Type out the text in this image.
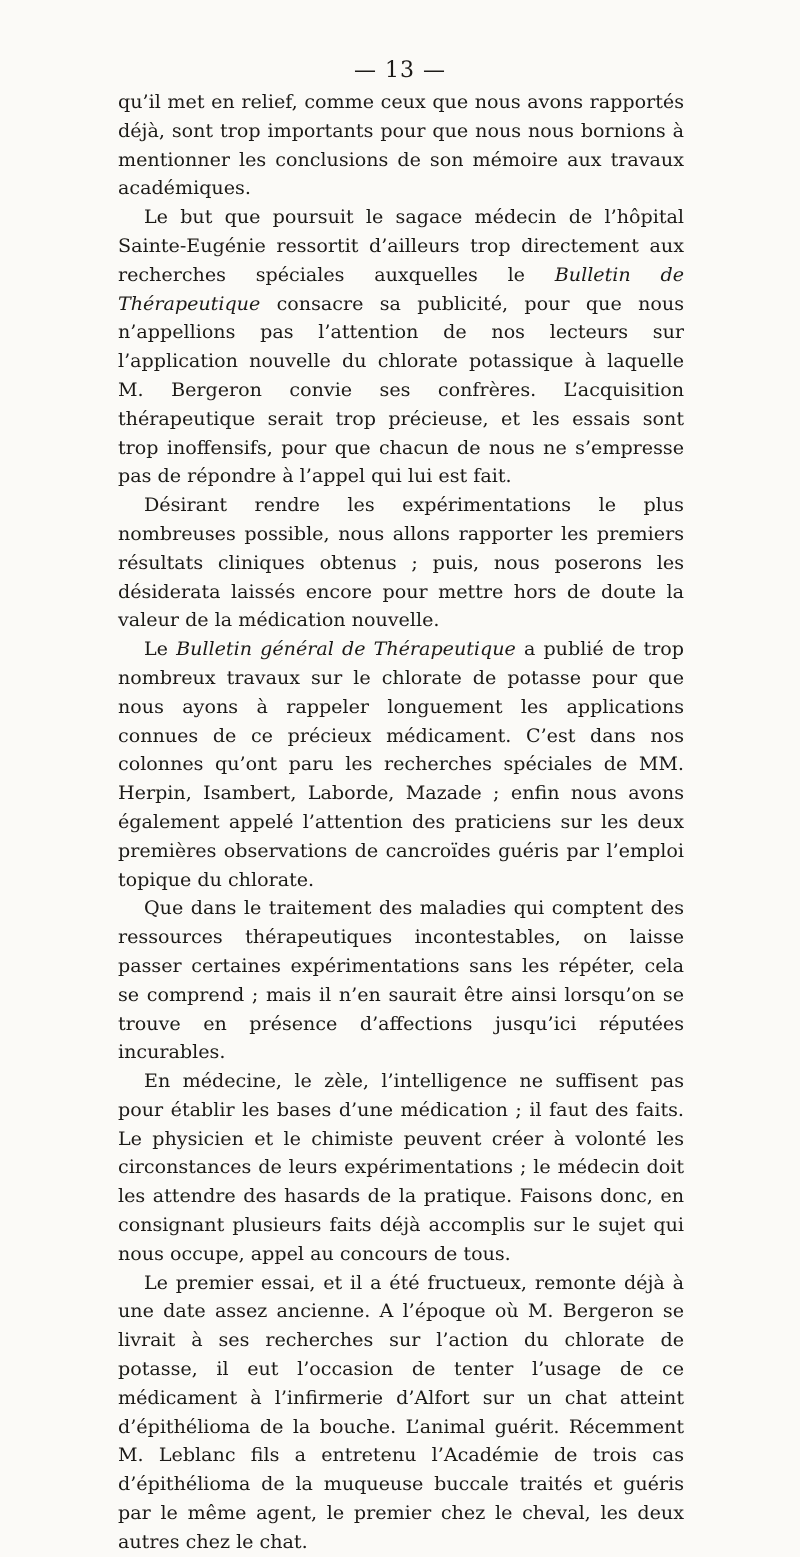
— 13 —

qu’il met en relief, comme ceux que nous avons rapportés déjà, sont trop importants pour que nous nous bornions à mentionner les conclusions de son mémoire aux travaux académiques.

Le but que poursuit le sagace médecin de l’hôpital Sainte-Eugénie ressortit d’ailleurs trop directement aux recherches spéciales auxquelles le Bulletin de Thérapeutique consacre sa publicité, pour que nous n’appellions pas l’attention de nos lecteurs sur l’application nouvelle du chlorate potassique à laquelle M. Bergeron convie ses confrères. L’acquisition thérapeutique serait trop précieuse, et les essais sont trop inoffensifs, pour que chacun de nous ne s’empresse pas de répondre à l’appel qui lui est fait.

Désirant rendre les expérimentations le plus nombreuses possible, nous allons rapporter les premiers résultats cliniques obtenus ; puis, nous poserons les désiderata laissés encore pour mettre hors de doute la valeur de la médication nouvelle.

Le Bulletin général de Thérapeutique a publié de trop nombreux travaux sur le chlorate de potasse pour que nous ayons à rappeler longuement les applications connues de ce précieux médicament. C’est dans nos colonnes qu’ont paru les recherches spéciales de MM. Herpin, Isambert, Laborde, Mazade ; enfin nous avons également appelé l’attention des praticiens sur les deux premières observations de cancroïdes guéris par l’emploi topique du chlorate.

Que dans le traitement des maladies qui comptent des ressources thérapeutiques incontestables, on laisse passer certaines expérimentations sans les répéter, cela se comprend ; mais il n’en saurait être ainsi lorsqu’on se trouve en présence d’affections jusqu’ici réputées incurables.

En médecine, le zèle, l’intelligence ne suffisent pas pour établir les bases d’une médication ; il faut des faits. Le physicien et le chimiste peuvent créer à volonté les circonstances de leurs expérimentations ; le médecin doit les attendre des hasards de la pratique. Faisons donc, en consignant plusieurs faits déjà accomplis sur le sujet qui nous occupe, appel au concours de tous.

Le premier essai, et il a été fructueux, remonte déjà à une date assez ancienne. A l’époque où M. Bergeron se livrait à ses recherches sur l’action du chlorate de potasse, il eut l’occasion de tenter l’usage de ce médicament à l’infirmerie d’Alfort sur un chat atteint d’épithélioma de la bouche. L’animal guérit. Récemment M. Leblanc fils a entretenu l’Académie de trois cas d’épithélioma de la muqueuse buccale traités et guéris par le même agent, le premier chez le cheval, les deux autres chez le chat.
